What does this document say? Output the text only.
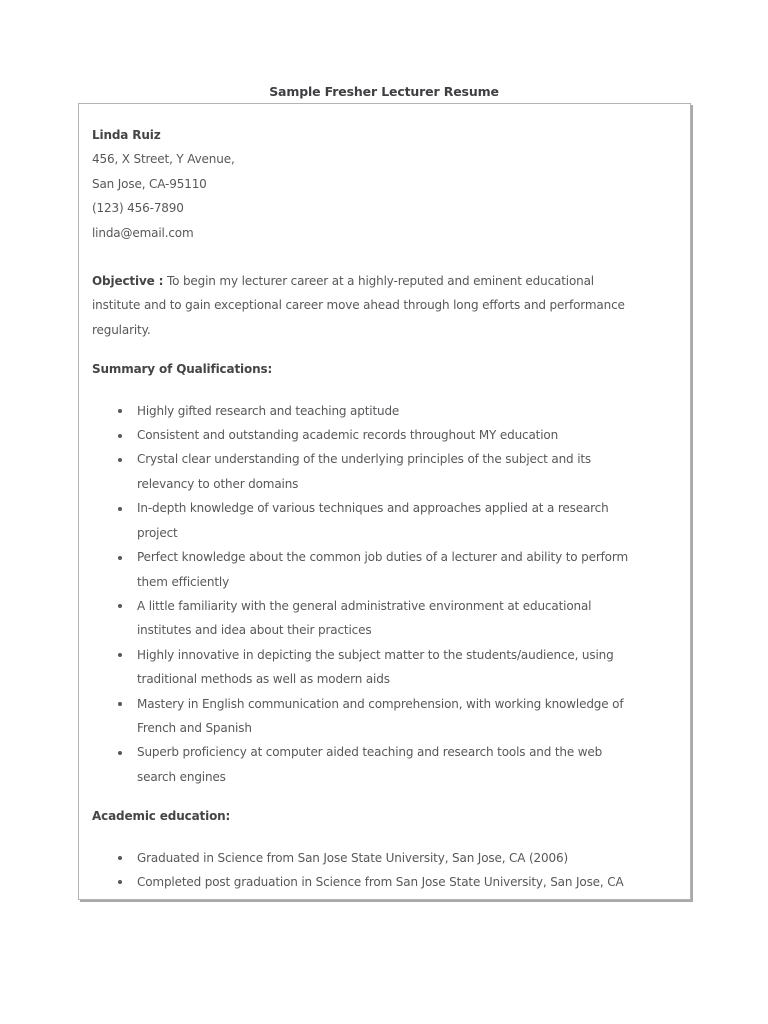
Sample Fresher Lecturer Resume
Linda Ruiz
456, X Street, Y Avenue,
San Jose, CA-95110
(123) 456-7890
linda@email.com

Objective : To begin my lecturer career at a highly-reputed and eminent educational
institute and to gain exceptional career move ahead through long efforts and performance
regularity.

Summary of Qualifications:
Highly gifted research and teaching aptitude
Consistent and outstanding academic records throughout MY education
Crystal clear understanding of the underlying principles of the subject and its
relevancy to other domains
In-depth knowledge of various techniques and approaches applied at a research
project
Perfect knowledge about the common job duties of a lecturer and ability to perform
them efficiently
A little familiarity with the general administrative environment at educational
institutes and idea about their practices
Highly innovative in depicting the subject matter to the students/audience, using
traditional methods as well as modern aids
Mastery in English communication and comprehension, with working knowledge of
French and Spanish
Superb proficiency at computer aided teaching and research tools and the web
search engines
Academic education:
Graduated in Science from San Jose State University, San Jose, CA (2006)
Completed post graduation in Science from San Jose State University, San Jose, CA
